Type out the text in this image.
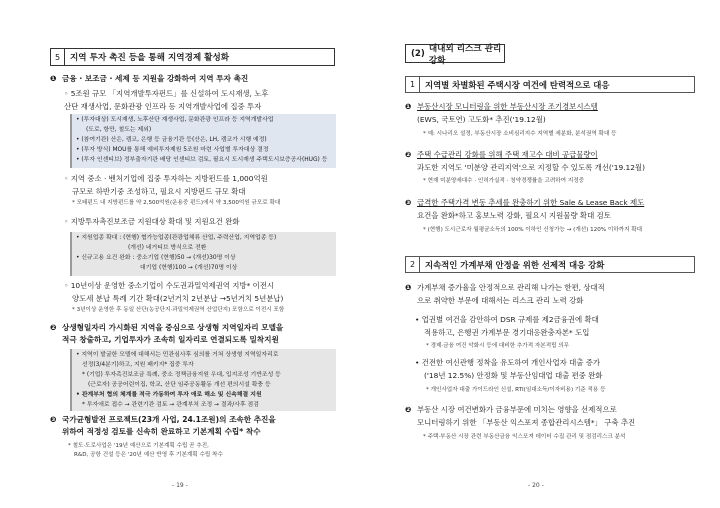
5	지역 투자 촉진 등을 통해 지역경제 활성화
❶ 금융 · 보조금 · 세제 등 지원을 강화하여 지역 투자 촉진
◦ 5조원 규모 「지역개발투자펀드」를 신설하여 도시재생, 노후
산단 재생사업, 문화관광 인프라 등 지역개발사업에 집중 투자
• (투자대상) 도시재생, 노후산단 재생사업, 문화관광 인프라 등 지역개발사업
(도로, 항만, 철도는 제외)
• (참여기관) 산은, 캠코, 은행 등 금융기관 등(산은, LH, 캠코가 시행 예정)
• (투자 방식) MOU를 통해 예비투자제원 5조원 마련 사업별 투자대상 결정
• (투자 인센티브) 정부출자기관 배당 인센티브 검토, 필요시 도시재생 주택도시보증공사(HUG) 등
◦ 지역 중소 · 벤처기업에 집중 투자하는 지방펀드를 1,000억원
규모로 하반기중 조성하고, 필요시 지방펀드 규모 확대
* 모태펀드 내 지방펀드를 약 2,500억원(운용중 펀드)에서 약 3,500억원 규모로 확대
◦ 지방투자촉진보조금 지원대상 확대 및 지원요건 완화
• 지원업종 확대 : (현행) 협가능업종(관광업체류 산업, 주력산업, 지역업종 등)
(개선) 네거티브 방식으로 전환
• 신규고용 요건 완화 : 중소기업 (현행)50 → (개선)30명 이상
대기업 (현행)100 → (개선)70명 이상
◦ 10년이상 운영한 중소기업이 수도권과밀억제권역 지방* 이전시
양도세 분납 특례 기간 확대(2년거치 2년분납 →5년거치 5년분납)
* 3년이상 운영한 후 동일 산단(농공단지·과밀억제권역 산업단지) 포함으로 이전시 포함
❷ 상생형일자리 가시화된 지역을 중심으로 상생형 지역일자리 모델을
적극 창출하고, 기업투자가 조속히 일자리로 연결되도록 밀착지원
• 지역이 발굴한 모델에 대해서는 민관심사후 심의를 거쳐 상생형 지역일자리로
선정(3/4분기)하고, 지원 패키지* 집중 투자
* (기업) 투자촉진보조금 특례, 중소 정책금융지원 우대, 입지조성 기반조성 등
(근로자) 공공어린이집, 학교, 산단 임주공동활동 개선 편의시설 확충 등
• 관계부처 협의 체계를 적극 가동하여 투자 애로 해소 및 신속해결 지원
* 투자애로 접수 → 관련기관 검토 → 관계부처 조정 → 결과/사후 점검
❸ 국가균형발전 프로젝트(23개 사업, 24.1조원)의 조속한 추진을
위하여 적정성 검토를 신속히 완료하고 기본계획 수립* 착수
* 철도·도로사업은 '19년 예산으로 기본계획 수립 곧 추진,
R&D, 공항 건설 등은 '20년 예산 반영 후 기본계획 수립 착수
- 19 -
(2) 대내외 리스크 관리 강화
1	지역별 차별화된 주택시장 여건에 탄력적으로 대응
❶ 부동산시장 모니터링을 위한 부동산시장 조기경보시스템
(EWS, 국토연) 고도화* 추진('19.12월)
* 예: 시나리오 설정, 부동산시장 소비심리지수 지역별 세분화, 분석권역 확대 등
❷ 주택 수급관리 강화를 위해 주택 재고수 대비 공급물량이
과도한 지역도 '미분양 관리지역'으로 지정할 수 있도록 개선('19.12월)
* 현재 미분양세대수 · 인허가실적 · 청약경쟁률을 고려하여 지정중
❸ 급격한 주택가격 변동 추세를 완충하기 위한 Sale & Lease Back 제도
요건을 완화*하고 홍보노력 강화, 필요시 지원물량 확대 검토
* (현행) 도시근로자 월평균소득의 100% 이하인 신청가능 → (개선) 120% 이하까지 확대
2	지속적인 가계부채 안정을 위한 선제적 대응 강화
❶ 가계부채 증가율을 안정적으로 관리해 나가는 한편, 상대적
으로 취약한 부문에 대해서는 리스크 관리 노력 강화
• 업권별 여건을 감안하여 DSR 규제를 제2금융권에 확대
적용하고, 은행권 가계부문 경기대응완충자본* 도입
* 경제·금융 여건 악화시 등에 대비한 추가적 자본적립 의무
• 건전한 여신관행 정착을 유도하여 개인사업자 대출 증가
('18년 12.5%) 안정화 및 부동산임대업 대출 편중 완화
* 개인사업자 대출 가이드라인 신설, RTI(임대소득/이자비용) 기준 적용 등
❷ 부동산 시장 여건변화가 금융부문에 미치는 영향을 선제적으로
모니터링하기 위한 「부동산 익스포져 종합관리시스템*」 구축 추진
* 주택·부동산 시장 관련 부동산금융 익스포져 데이터 수집 관리 및 점검리스크 분석
- 20 -
